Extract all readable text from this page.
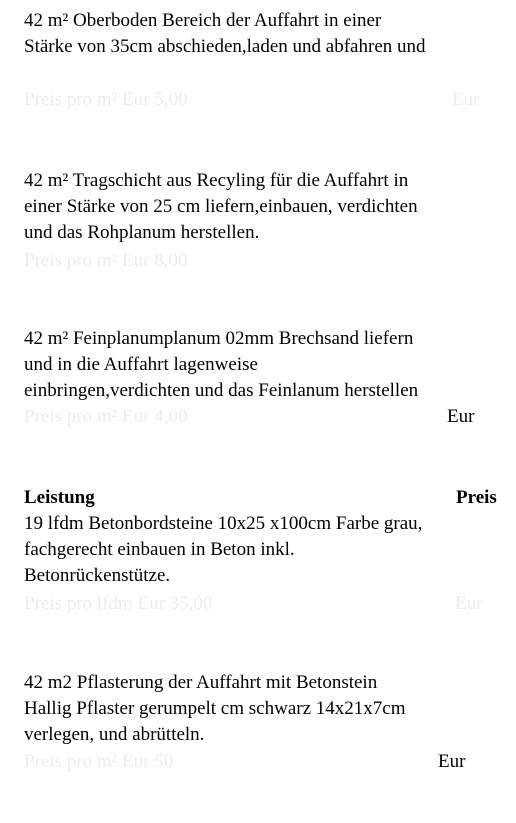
42 m² Oberboden Bereich der Auffahrt in einer
Stärke von 35cm abschieden,laden und abfahren und
Preis pro m² Eur 5,00	Eur
42 m² Tragschicht aus Recyling für die Auffahrt in
einer Stärke von 25 cm liefern,einbauen, verdichten
und das Rohplanum herstellen.
Preis pro m² Eur 8,00
42 m² Feinplanumplanum 02mm Brechsand liefern
und in die Auffahrt lagenweise
einbringen,verdichten und das Feinlanum herstellen
Preis pro m² Eur 4,00	Eur
Leistung	Preis
19 lfdm Betonbordsteine 10x25 x100cm Farbe grau,
fachgerecht einbauen in Beton inkl.
Betonrückenstütze.
Preis pro lfdm Eur 35,00	Eur
42 m2 Pflasterung der Auffahrt mit Betonstein
Hallig Pflaster gerumpelt cm schwarz 14x21x7cm
verlegen, und abrütteln.
Preis pro m² Eur 50	Eur
